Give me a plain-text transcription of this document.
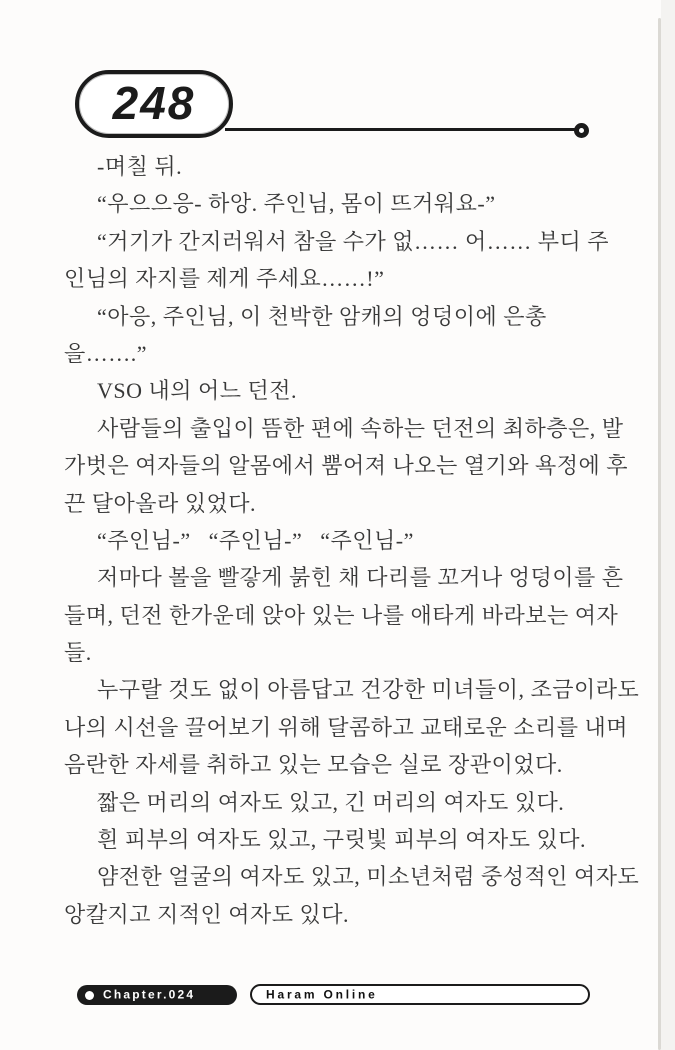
248
-며칠 뒤.
“우으으응- 하앙. 주인님, 몸이 뜨거워요-”
“거기가 간지러워서 참을 수가 없…… 어…… 부디 주
인님의 자지를 제게 주세요……!”
“아응, 주인님, 이 천박한 암캐의 엉덩이에 은총
을…….”
VSO 내의 어느 던전.
사람들의 출입이 뜸한 편에 속하는 던전의 최하층은, 발
가벗은 여자들의 알몸에서 뿜어져 나오는 열기와 욕정에 후
끈 달아올라 있었다.
“주인님-”   “주인님-”   “주인님-”
저마다 볼을 빨갛게 붉힌 채 다리를 꼬거나 엉덩이를 흔
들며, 던전 한가운데 앉아 있는 나를 애타게 바라보는 여자
들.
누구랄 것도 없이 아름답고 건강한 미녀들이, 조금이라도
나의 시선을 끌어보기 위해 달콤하고 교태로운 소리를 내며
음란한 자세를 취하고 있는 모습은 실로 장관이었다.
짧은 머리의 여자도 있고, 긴 머리의 여자도 있다.
흰 피부의 여자도 있고, 구릿빛 피부의 여자도 있다.
얌전한 얼굴의 여자도 있고, 미소년처럼 중성적인 여자도
앙칼지고 지적인 여자도 있다.
Chapter.024	Haram Online
